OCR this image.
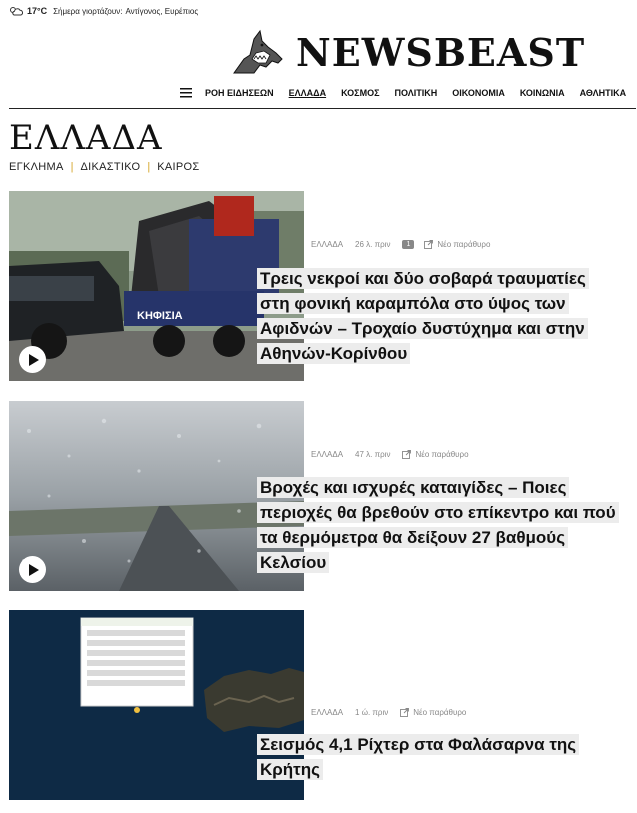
17°C Σήμερα γιορτάζουν: Αντίγονος, Ευρέπιος
NEWSBEAST
ΡΟΗ ΕΙΔΗΣΕΩΝ ΕΛΛΑΔΑ ΚΟΣΜΟΣ ΠΟΛΙΤΙΚΗ ΟΙΚΟΝΟΜΙΑ ΚΟΙΝΩΝΙΑ ΑΘΛΗΤΙΚΑ
ΕΛΛΑΔΑ
ΕΓΚΛΗΜΑ | ΔΙΚΑΣΤΙΚΟ | ΚΑΙΡΟΣ
ΚΗΦΙΣΙΑ
ΕΛΛΑΔΑ 26 λ. πριν	1	Νέο παράθυρο
Τρεις νεκροί και δύο σοβαρά τραυματίες στη φονική καραμπόλα στο ύψος των Αφιδνών – Τροχαίο δυστύχημα και στην Αθηνών-Κορίνθου
ΕΛΛΑΔΑ 47 λ. πριν	Νέο παράθυρο
Βροχές και ισχυρές καταιγίδες – Ποιες περιοχές θα βρεθούν στο επίκεντρο και πού τα θερμόμετρα θα δείξουν 27 βαθμούς Κελσίου
ΕΛΛΑΔΑ 1 ώ. πριν	Νέο παράθυρο
Σεισμός 4,1 Ρίχτερ στα Φαλάσαρνα της Κρήτης
